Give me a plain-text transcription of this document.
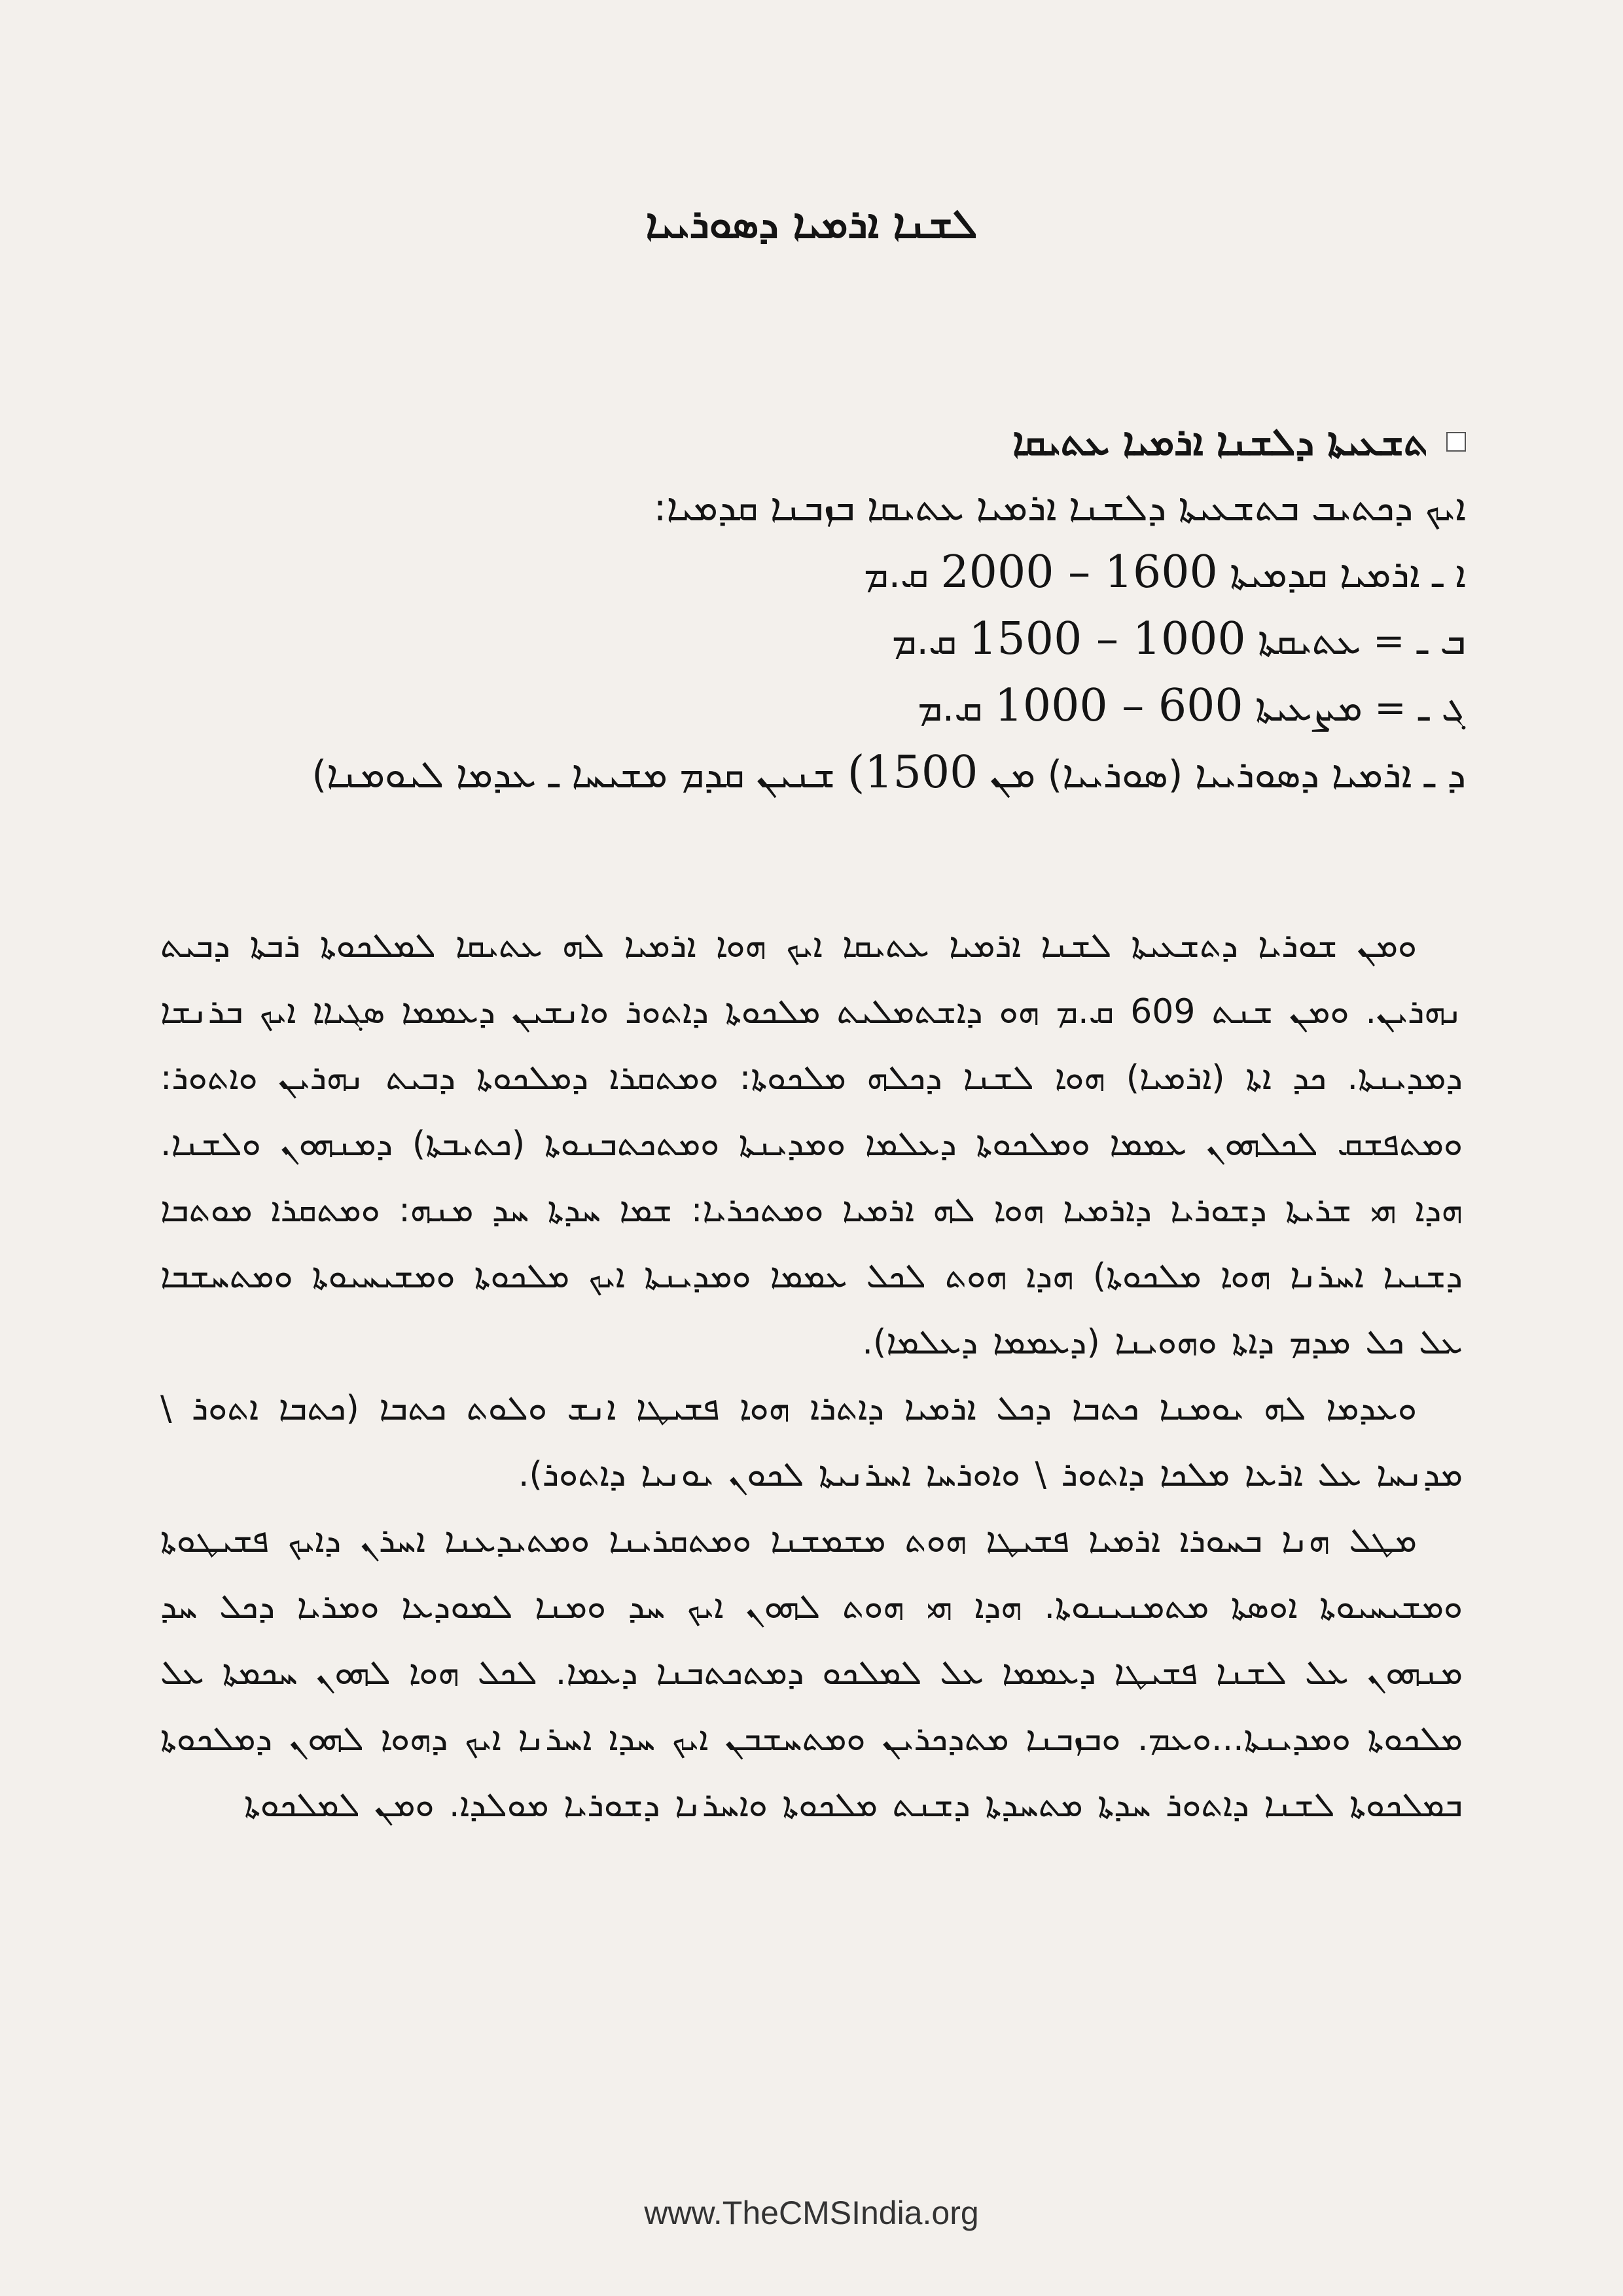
ܠܫܢܐ ܐܪܡܝܐ ܕܣܘܪܝܝܐ
ܬܫܥܝܬܐ ܕܠܫܢܐ ܐܪܡܝܐ ܥܬܝܩܐ
ܐܝܟ ܕܟܬܝܒ ܒܬܫܥܝܬܐ ܕܠܫܢܐ ܐܪܡܝܐ ܥܬܝܩܐ ܒܙܒܢܐ ܩܕܡܝܐ:
ܐ ـ ܐܪܡܝܐ ܩܕܡܝܬܐ 2000 – 1600 ܩ.ܡ
ܒ ـ = ܥܬܝܩܬܐ 1500 – 1000 ܩ.ܡ
ܓ ـ = ܡܨܥܝܬܐ 1000 – 600 ܩ.ܡ
ܕ ـ ܐܪܡܝܐ ܕܣܘܪܝܝܐ (ܣܘܪܝܝܐ) ܡܢ (1500 ܫܢܝܢ ܩܕܡ ܡܫܝܚܐ ـ ܥܕܡܐ ܠܝܘܡܢܐ)

ܘܡܢ ܫܘܪܝܐ ܕܬܫܥܝܬܐ ܠܫܢܐ ܐܪܡܝܐ ܥܬܝܩܐ ܐܝܟ ܗܘܐ ܐܪܡܝܐ ܠܗ ܥܬܝܩܐ ܠܡܠܟܘܬܐ ܪܒܬܐ ܕܒܝܬ ܢܗܪܝܢ. ܘܡܢ ܫܢܬ 609 ܩ.ܡ ܗܘ ܕܐܫܬܡܠܝܬ ܡܠܟܘܬܐ ܕܐܬܘܪ ܘܐܢܫܝܢ ܕܥܡܡܐ ܣܓܝܐܐ ܐܝܟ ܒܪܢܫܐ ܕܡܕܝܢܬܐ. ܟܕ ܐܬܐ (ܐܪܡܝܐ) ܗܘܐ ܠܫܢܐ ܕܟܠܗ ܡܠܟܘܬܐ: ܘܡܬܩܪܐ ܕܡܠܟܘܬܐ ܕܒܝܬ ܢܗܪܝܢ ܘܐܬܘܪ: ܘܡܬܦܫܩ ܠܟܠܗܘܢ ܥܡܡܐ ܘܡܠܟܘܬܐ ܕܥܠܡܐ ܘܡܕܝܢܬܐ ܘܡܬܟܬܒܢܘܬܐ (ܟܬܝܒܬܐ) ܕܡܢܗܘܢ ܘܠܫܢܐ. ܗܕܐ ܗܝ ܫܪܝܬܐ ܕܫܘܪܝܐ ܕܐܪܡܝܐ ܗܘܐ ܠܗ ܐܪܡܝܐ ܘܡܬܟܪܝܐ: ܫܡܐ ܚܕܬܐ ܚܕ ܡܢܗ: ܘܡܬܩܪܐ ܡܘܬܒܐ ܕܫܢܝܐ ܐܚܪܢܐ ܗܘܐ ܡܠܟܘܬܐ) ܗܕܐ ܗܘܬ ܠܟܠ ܥܡܡܐ ܘܡܕܝܢܬܐ ܐܝܟ ܡܠܟܘܬܐ ܘܡܫܝܚܝܘܬܐ ܘܡܬܚܫܒܐ ܥܠ ܟܠ ܡܕܡ ܕܐܬܐ ܘܗܘܝܢܐ (ܕܥܡܡܐ ܕܥܠܡܐ).

ܘܥܕܡܐ ܠܗ ܝܘܡܢܐ ܟܬܒܐ ܕܟܠ ܐܪܡܝܐ ܕܐܬܪܐ ܗܘܐ ܦܫܝܛܐ ܐܢܫ ܘܠܘܬ ܟܬܒܐ (ܟܬܒܐ ܐܬܘܪ \ ܡܕܢܚܐ ܥܠ ܐܪܥܐ ܡܠܟܐ ܕܐܬܘܪ \ ܘܐܘܪܚܐ ܐܚܪܢܝܬܐ ܠܟܘܢ ܝܘܢܝܐ ܕܐܬܘܪ).

ܡܛܠ ܗܢܐ ܒܚܘܪܐ ܐܪܡܝܐ ܦܫܝܛܐ ܗܘܬ ܡܫܡܫܢܐ ܘܡܬܩܪܝܢܐ ܘܡܬܝܕܥܢܐ ܐܚܪܢ ܕܐܝܟ ܦܫܝܛܘܬܐ ܘܡܫܝܚܝܘܬܐ ܐܘܣܬܐ ܡܬܡܢܝܢܘܬܐ. ܗܕܐ ܗܝ ܗܘܬ ܠܗܘܢ ܐܝܟ ܚܕ ܘܡܢܐ ܠܡܘܕܥܐ ܘܡܪܝܐ ܕܟܠ ܚܕ ܡܢܗܘܢ ܥܠ ܠܫܢܐ ܦܫܝܛܐ ܕܥܡܡܐ ܥܠ ܠܡܠܟܘ ܕܡܬܟܬܒܢܐ ܕܥܡܐ. ܠܟܠ ܗܘܐ ܠܗܘܢ ܚܟܡܬܐ ܥܠ ܡܠܟܘܬܐ ܘܡܕܝܢܬܐ...ܘܥܡ. ܘܒܙܒܢܐ ܡܬܕܟܪܝܢ ܘܡܬܚܫܒܢ ܐܝܟ ܚܕܐ ܐܚܪܢܐ ܐܝܟ ܕܗܘܐ ܠܗܘܢ ܕܡܠܟܘܬܐ ܒܡܠܟܘܬܐ ܠܫܢܐ ܕܐܬܘܪ ܚܕܬܐ ܡܬܚܕܬܐ ܕܫܢܬ ܡܠܟܘܬܐ ܘܐܚܪܢܐ ܕܫܘܪܝܐ ܡܘܠܕܐ. ܘܡܢ ܠܡܠܟܘܬܐ

www.TheCMSIndia.org
